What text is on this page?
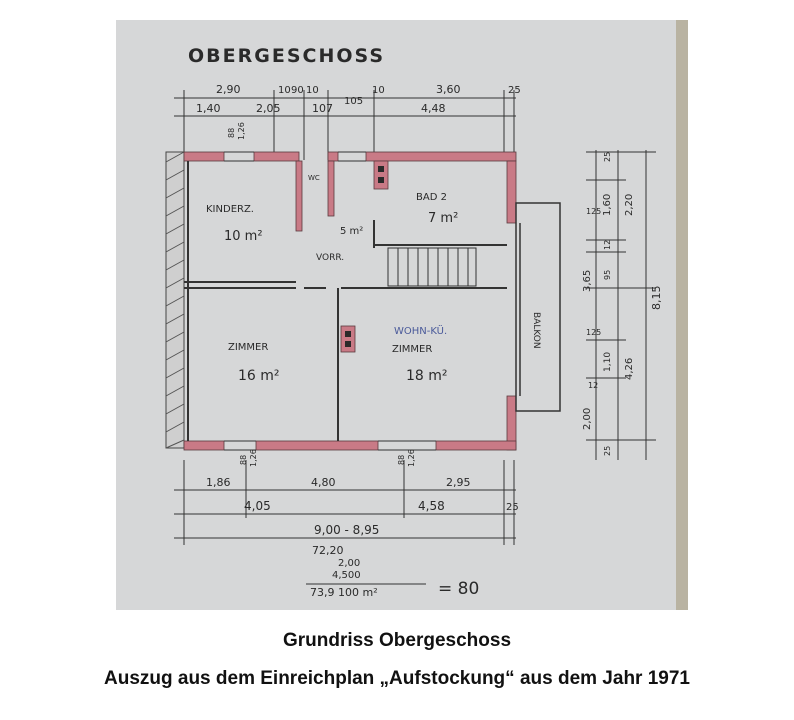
OBERGESCHOSS
2,90	10 90 10	10	3,60	25
1,40	2,05	107
105
4,48
BALKON
KINDERZ.
10 m²
WC
VORR.
5 m²
BAD 2
7 m²
ZIMMER
16 m²
WOHN-KÜ.
ZIMMER
18 m²
88 1,26
88 1,26	88 1,26
1,86	4,80	2,95
4,05	4,58	25
9,00 - 8,95
25
1,60 2,20
125
12
95
3,65
125
1,10 4,26
12
2,00
25
8,15
72,20
2,00
4,500
73,9 100 m²	= 80
Grundriss Obergeschoss
Auszug aus dem Einreichplan „Aufstockung“ aus dem Jahr 1971
